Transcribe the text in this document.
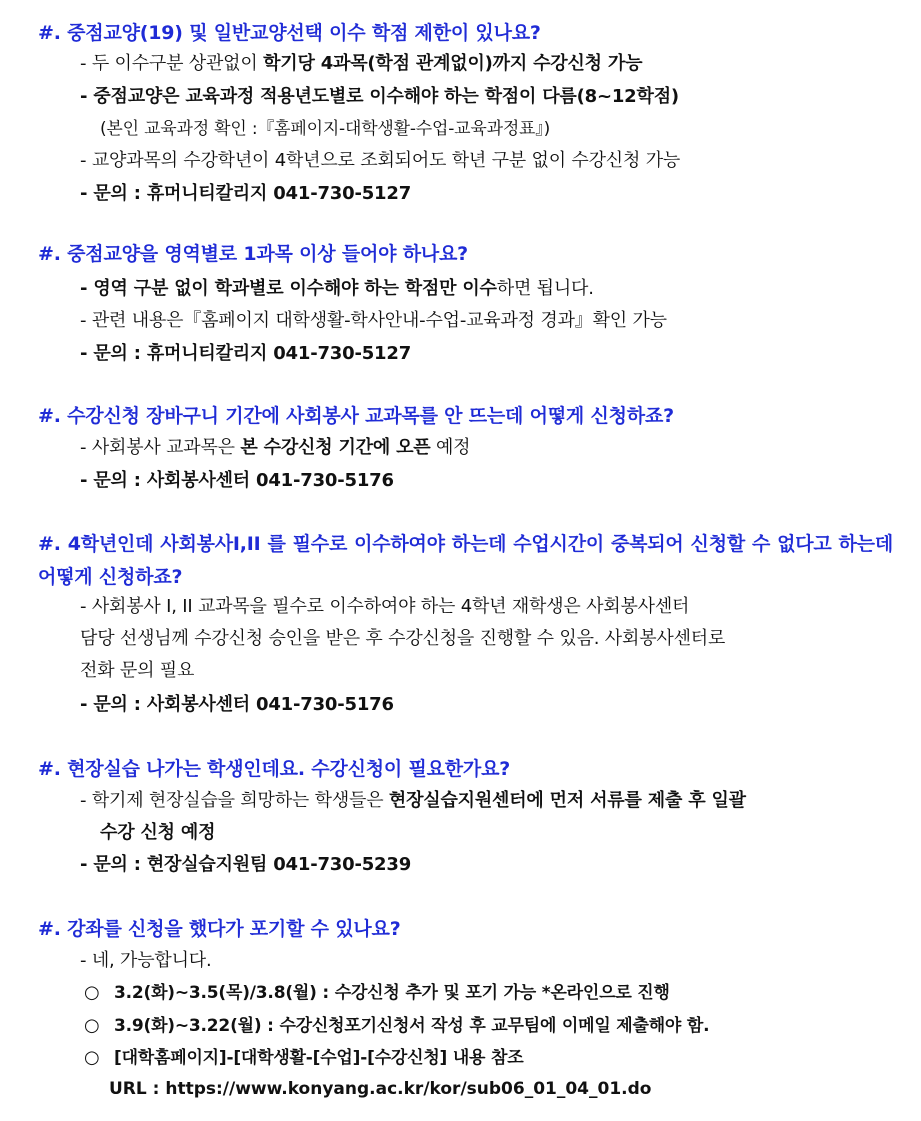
#. 중점교양(19) 및 일반교양선택 이수 학점 제한이 있나요?
- 두 이수구분 상관없이 학기당 4과목(학점 관계없이)까지 수강신청 가능
- 중점교양은 교육과정 적용년도별로 이수해야 하는 학점이 다름(8~12학점)
(본인 교육과정 확인 :『홈페이지-대학생활-수업-교육과정표』)
- 교양과목의 수강학년이 4학년으로 조회되어도 학년 구분 없이 수강신청 가능
- 문의 : 휴머니티칼리지 041-730-5127
#. 중점교양을 영역별로 1과목 이상 들어야 하나요?
- 영역 구분 없이 학과별로 이수해야 하는 학점만 이수하면 됩니다.
- 관련 내용은『홈페이지 대학생활-학사안내-수업-교육과정 경과』확인 가능
- 문의 : 휴머니티칼리지 041-730-5127
#. 수강신청 장바구니 기간에 사회봉사 교과목를 안 뜨는데 어떻게 신청하죠?
- 사회봉사 교과목은 본 수강신청 기간에 오픈 예정
- 문의 : 사회봉사센터 041-730-5176
#. 4학년인데 사회봉사I,II 를 필수로 이수하여야 하는데 수업시간이 중복되어 신청할 수 없다고 하는데 어떻게 신청하죠?
- 사회봉사 I, II 교과목을 필수로 이수하여야 하는 4학년 재학생은 사회봉사센터
담당 선생님께 수강신청 승인을 받은 후 수강신청을 진행할 수 있음. 사회봉사센터로
전화 문의 필요
- 문의 : 사회봉사센터 041-730-5176
#. 현장실습 나가는 학생인데요. 수강신청이 필요한가요?
- 학기제 현장실습을 희망하는 학생들은 현장실습지원센터에 먼저 서류를 제출 후 일괄
수강 신청 예정
- 문의 : 현장실습지원팀 041-730-5239
#. 강좌를 신청을 했다가 포기할 수 있나요?
- 네, 가능합니다.
○ 3.2(화)~3.5(목)/3.8(월) : 수강신청 추가 및 포기 가능 *온라인으로 진행
○ 3.9(화)~3.22(월) : 수강신청포기신청서 작성 후 교무팀에 이메일 제출해야 함.
○ [대학홈페이지]-[대학생활-[수업]-[수강신청] 내용 참조
URL : https://www.konyang.ac.kr/kor/sub06_01_04_01.do
